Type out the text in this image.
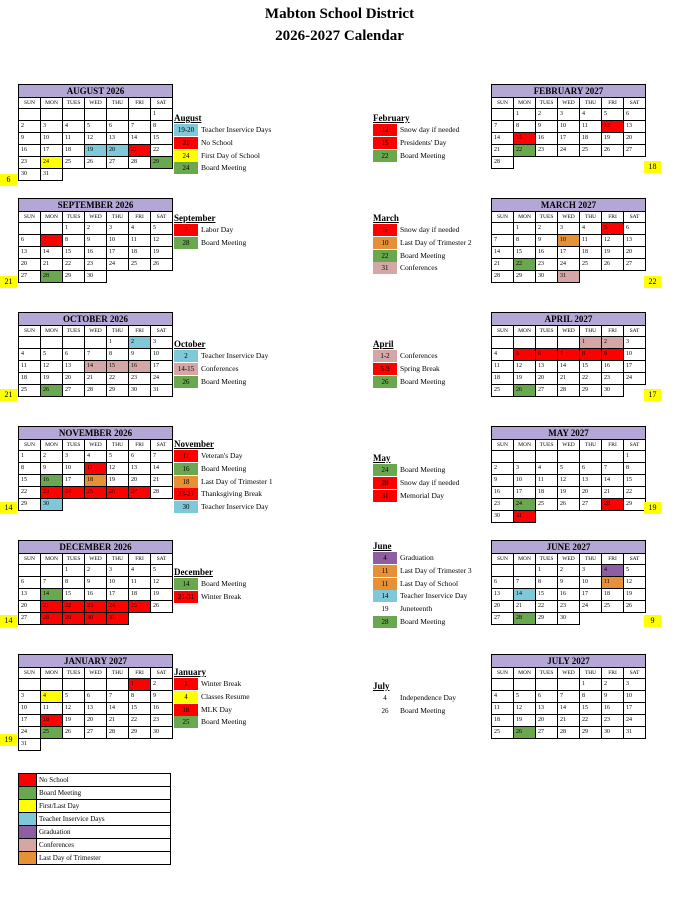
Mabton School District
2026-2027 Calendar
AUGUST 2026						
SUN	MON	TUES	WED	THU	FRI	SAT
						1
2	3	4	5	6	7	8
9	10	11	12	13	14	15
16	17	18	19	20	21	22
23	24	25	26	27	28	29
30	31					
SEPTEMBER 2026						
SUN	MON	TUES	WED	THU	FRI	SAT
		1	2	3	4	5
6	7	8	9	10	11	12
13	14	15	16	17	18	19
20	21	22	23	24	25	26
27	28	29	30			
OCTOBER 2026						
SUN	MON	TUES	WED	THU	FRI	SAT
				1	2	3
4	5	6	7	8	9	10
11	12	13	14	15	16	17
18	19	20	21	22	23	24
25	26	27	28	29	30	31
NOVEMBER 2026						
SUN	MON	TUES	WED	THU	FRI	SAT
1	2	3	4	5	6	7
8	9	10	11	12	13	14
15	16	17	18	19	20	21
22	23	24	25	26	27	28
29	30					
DECEMBER 2026						
SUN	MON	TUES	WED	THU	FRI	SAT
		1	2	3	4	5
6	7	8	9	10	11	12
13	14	15	16	17	18	19
20	21	22	23	24	25	26
27	28	29	30	31		
JANUARY 2027						
SUN	MON	TUES	WED	THU	FRI	SAT
					1	2
3	4	5	6	7	8	9
10	11	12	13	14	15	16
17	18	19	20	21	22	23
24	25	26	27	28	29	30
31						
FEBRUARY 2027						
SUN	MON	TUES	WED	THU	FRI	SAT
	1	2	3	4	5	6
7	8	9	10	11	12	13
14	15	16	17	18	19	20
21	22	23	24	25	26	27
28						
MARCH 2027						
SUN	MON	TUES	WED	THU	FRI	SAT
	1	2	3	4	5	6
7	8	9	10	11	12	13
14	15	16	17	18	19	20
21	22	23	24	25	26	27
28	29	30	31			
APRIL 2027						
SUN	MON	TUES	WED	THU	FRI	SAT
				1	2	3
4	5	6	7	8	9	10
11	12	13	14	15	16	17
18	19	20	21	22	23	24
25	26	27	28	29	30	
MAY 2027						
SUN	MON	TUES	WED	THU	FRI	SAT
						1
2	3	4	5	6	7	8
9	10	11	12	13	14	15
16	17	18	19	20	21	22
23	24	25	26	27	28	29
30	31					
JUNE 2027						
SUN	MON	TUES	WED	THU	FRI	SAT
		1	2	3	4	5
6	7	8	9	10	11	12
13	14	15	16	17	18	19
20	21	22	23	24	25	26
27	28	29	30			
JULY 2027						
SUN	MON	TUES	WED	THU	FRI	SAT
				1	2	3
4	5	6	7	8	9	10
11	12	13	14	15	16	17
18	19	20	21	22	23	24
25	26	27	28	29	30	31
August
19-20 Teacher Inservice Days
21	No School
24	First Day of School
24	Board Meeting
September
7	Labor Day
28	Board Meeting
October
2	Teacher Inservice Day
14-15 Conferences
26	Board Meeting
November
11	Veteran's Day
16	Board Meeting
18	Last Day of Trimester 1
23-27 Thanksgiving Break
30	Teacher Inservice Day
December
14	Board Meeting
21-31 Winter Break
January
1	Winter Break
4	Classes Resume
18	MLK Day
25	Board Meeting
February
12	Snow day if needed
15	Presidents' Day
22	Board Meeting
March
5	Snow day if needed
10	Last Day of Trimester 2
22	Board Meeting
31	Conferences
April
1-2	Conferences
5-9	Spring Break
26	Board Meeting
May
24	Board Meeting
28	Snow day if needed
31	Memorial Day
June
4	Graduation
11	Last Day of Trimester 3
11	Last Day of School
14	Teacher Inservice Day
19	Juneteenth
28	Board Meeting
July
4	Independence Day
26	Board Meeting
6
21
21
14
14
19
18
22
17
19
9
	No School
	Board Meeting
	First/Last Day
	Teacher Inservice Days
	Graduation
	Conferences
	Last Day of Trimester
